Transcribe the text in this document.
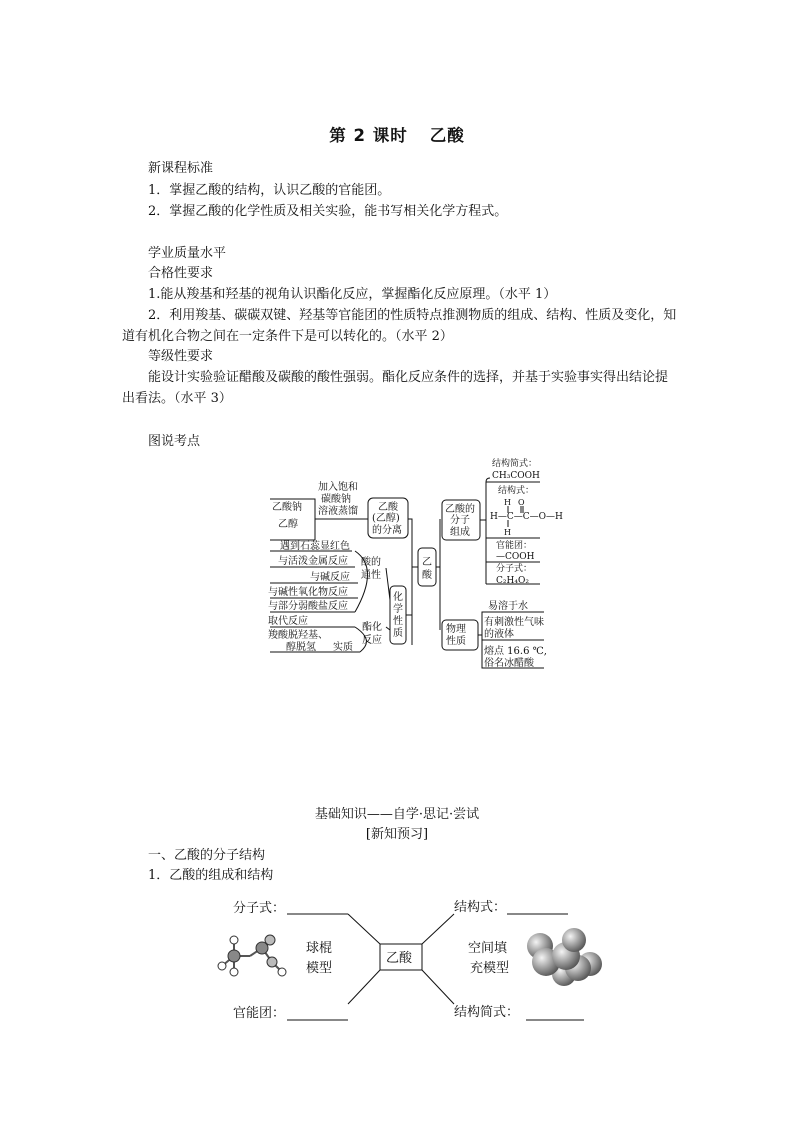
第 2 课时 乙酸
新课程标准
1．掌握乙酸的结构，认识乙酸的官能团。
2．掌握乙酸的化学性质及相关实验，能书写相关化学方程式。
学业质量水平
合格性要求
1.能从羧基和羟基的视角认识酯化反应，掌握酯化反应原理。（水平 1）
2．利用羧基、碳碳双键、羟基等官能团的性质特点推测物质的组成、结构、性质及变化，知道有机化合物之间在一定条件下是可以转化的。（水平 2）
等级性要求
能设计实验验证醋酸及碳酸的酸性强弱。酯化反应条件的选择，并基于实验事实得出结论提出看法。（水平 3）
图说考点
乙酸钠
乙醇
加入饱和
碳酸钠
溶液蒸馏 乙酸
(乙醇)
的分离
遇到石蕊显红色
与活泼金属反应
与碱反应
与碱性氧化物反应
与部分弱酸盐反应
酸的
通性
化
学
性
质
取代反应
羧酸脱羟基、
醇脱氢 实质
酯化
反应
乙
酸
乙酸的
分子
组成
结构简式：
CH₃COOH
结构式：
H O
H—C—C—O—H
H
官能团：
—COOH
分子式：
C₂H₄O₂
物理
性质
易溶于水
有刺激性气味
的液体
熔点 16.6 ℃,
俗名冰醋酸
分子式：	结构式：
球棍
模型
乙酸
空间填
充模型
官能团：	结构简式：
基础知识——自学·思记·尝试
[新知预习]
一、乙酸的分子结构
1．乙酸的组成和结构
